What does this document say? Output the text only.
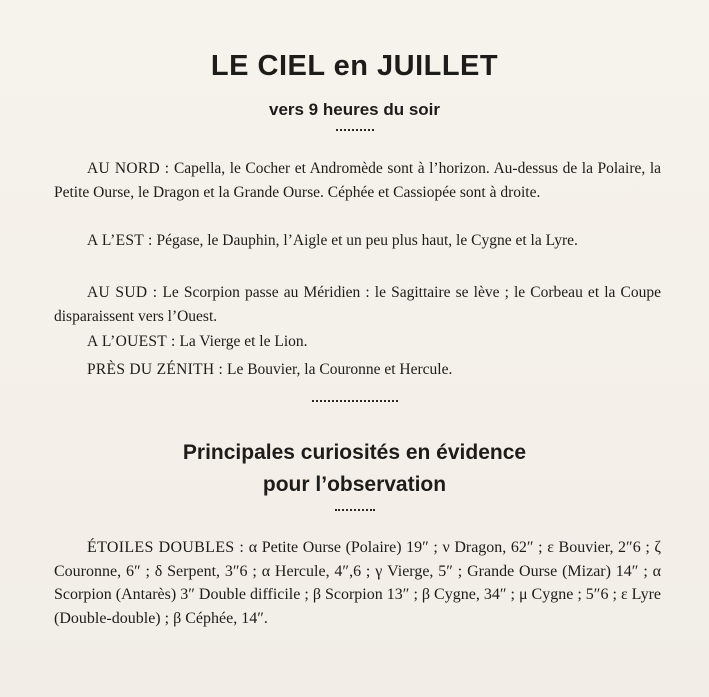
LE CIEL en JUILLET
vers 9 heures du soir

AU NORD : Capella, le Cocher et Andromède sont à l’horizon. Au-dessus de la Polaire, la Petite Ourse, le Dragon et la Grande Ourse. Céphée et Cassiopée sont à droite.

A L’EST : Pégase, le Dauphin, l’Aigle et un peu plus haut, le Cygne et la Lyre.

AU SUD : Le Scorpion passe au Méridien : le Sagittaire se lève ; le Corbeau et la Coupe disparaissent vers l’Ouest.

A L’OUEST : La Vierge et le Lion.

PRÈS DU ZÉNITH : Le Bouvier, la Couronne et Hercule.

Principales curiosités en évidence
pour l’observation

ÉTOILES DOUBLES : α Petite Ourse (Polaire) 19″ ; ν Dragon, 62″ ; ε Bouvier, 2″6 ; ζ Couronne, 6″ ; δ Serpent, 3″6 ; α Hercule, 4″,6 ; γ Vierge, 5″ ; Grande Ourse (Mizar) 14″ ; α Scorpion (Antarès) 3″ Double difficile ; β Scorpion 13″ ; β Cygne, 34″ ; μ Cygne ; 5″6 ; ε Lyre (Double-double) ; β Céphée, 14″.
